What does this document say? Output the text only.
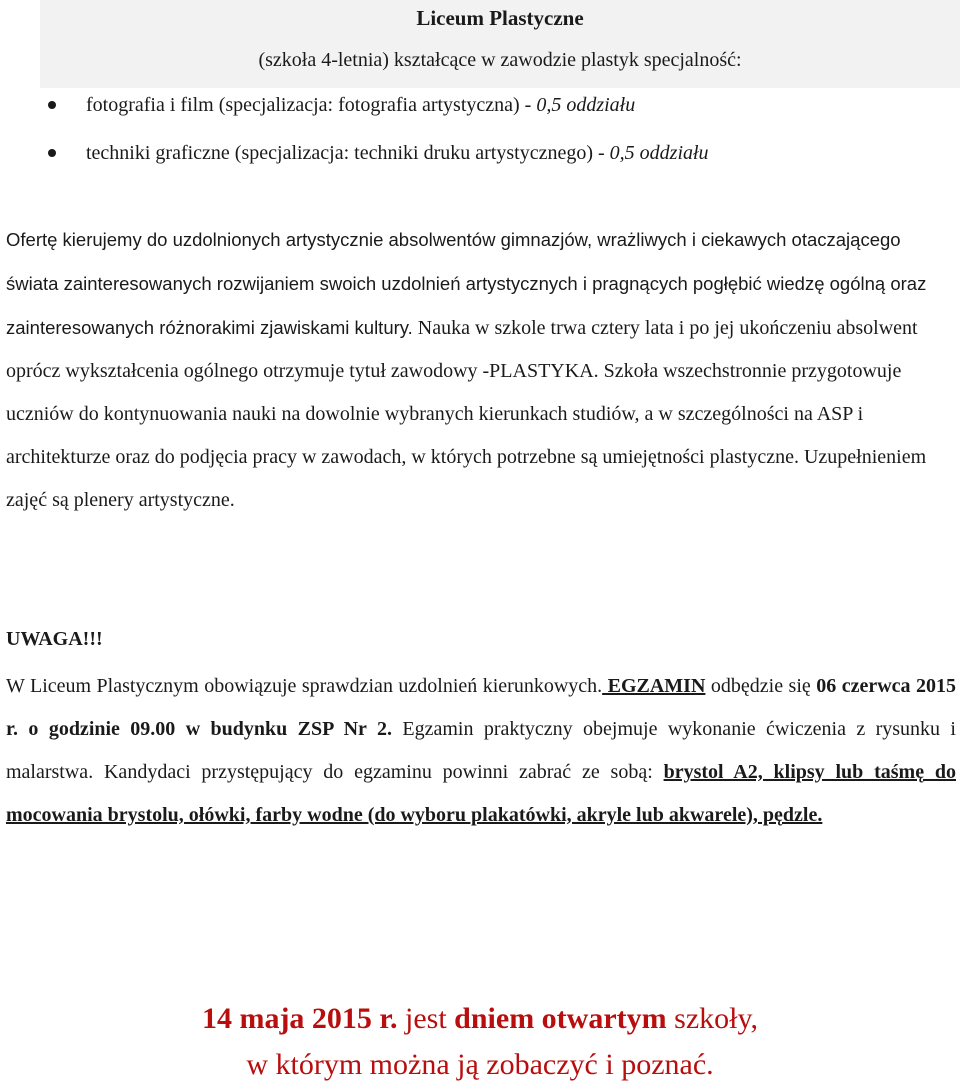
Liceum Plastyczne
(szkoła 4-letnia) kształcące w zawodzie plastyk specjalność:
fotografia i film (specjalizacja: fotografia artystyczna) - 0,5 oddziału
techniki graficzne (specjalizacja: techniki druku artystycznego) - 0,5 oddziału

Ofertę kierujemy do uzdolnionych artystycznie absolwentów gimnazjów, wrażliwych i ciekawych otaczającego świata zainteresowanych rozwijaniem swoich uzdolnień artystycznych i pragnących pogłębić wiedzę ogólną oraz zainteresowanych różnorakimi zjawiskami kultury. Nauka w szkole trwa cztery lata i po jej ukończeniu absolwent oprócz wykształcenia ogólnego otrzymuje tytuł zawodowy -PLASTYKA. Szkoła wszechstronnie przygotowuje uczniów do kontynuowania nauki na dowolnie wybranych kierunkach studiów, a w szczególności na ASP i architekturze oraz do podjęcia pracy w zawodach, w których potrzebne są umiejętności plastyczne. Uzupełnieniem zajęć są plenery artystyczne.

UWAGA!!!

W Liceum Plastycznym obowiązuje sprawdzian uzdolnień kierunkowych. EGZAMIN odbędzie się 06 czerwca 2015 r. o godzinie 09.00 w budynku ZSP Nr 2. Egzamin praktyczny obejmuje wykonanie ćwiczenia z rysunku i malarstwa. Kandydaci przystępujący do egzaminu powinni zabrać ze sobą: brystol A2, klipsy lub taśmę do mocowania brystolu, ołówki, farby wodne (do wyboru plakatówki, akryle lub akwarele), pędzle.

14 maja 2015 r. jest dniem otwartym szkoły,
w którym można ją zobaczyć i poznać.
